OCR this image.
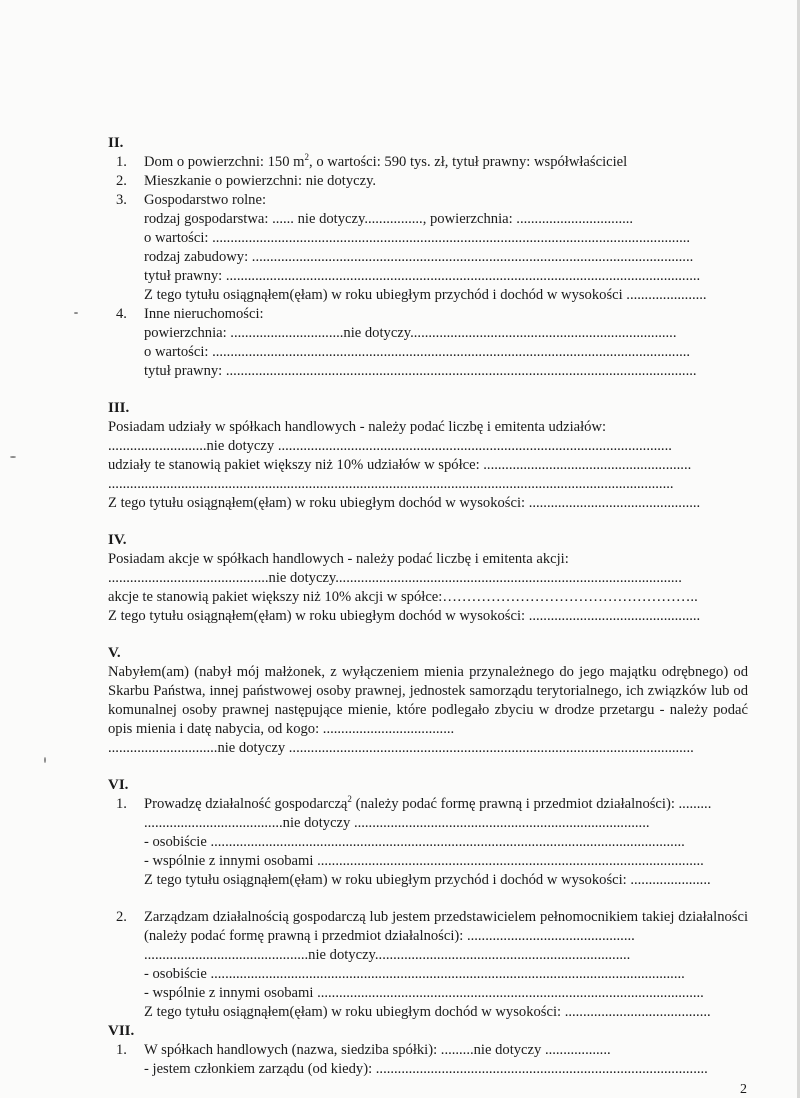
II.

1.	Dom o powierzchni: 150 $m^2$, o wartości: 590 tys. zł, tytuł prawny: współwłaściciel
2.	Mieszkanie o powierzchni: nie dotyczy.
3.	Gospodarstwo rolne:

rodzaj gospodarstwa: ...... nie dotyczy................, powierzchnia: ................................

o wartości: ...................................................................................................................................

rodzaj zabudowy: .........................................................................................................................

tytuł prawny: ..................................................................................................................................

Z tego tytułu osiągnąłem(ęłam) w roku ubiegłym przychód i dochód w wysokości ......................

4.	Inne nieruchomości:

powierzchnia: ...............................nie dotyczy.........................................................................

o wartości: ...................................................................................................................................

tytuł prawny: .................................................................................................................................

III.

Posiadam udziały w spółkach handlowych - należy podać liczbę i emitenta udziałów:

...........................nie dotyczy ............................................................................................................

udziały te stanowią pakiet większy niż 10% udziałów w spółce: .........................................................

...........................................................................................................................................................

Z tego tytułu osiągnąłem(ęłam) w roku ubiegłym dochód w wysokości: ...............................................

IV.

Posiadam akcje w spółkach handlowych - należy podać liczbę i emitenta akcji:

............................................nie dotyczy...............................................................................................

akcje te stanowią pakiet większy niż 10% akcji w spółce:……………………………………………..

Z tego tytułu osiągnąłem(ęłam) w roku ubiegłym dochód w wysokości: ...............................................

V.

Nabyłem(am) (nabył mój małżonek, z wyłączeniem mienia przynależnego do jego majątku odrębnego) od Skarbu Państwa, innej państwowej osoby prawnej, jednostek samorządu terytorialnego, ich związków lub od komunalnej osoby prawnej następujące mienie, które podlegało zbyciu w drodze przetargu - należy podać opis mienia i datę nabycia, od kogo: ....................................

..............................nie dotyczy ...............................................................................................................

VI.

1.	Prowadzę działalność gospodarczą$^2$ (należy podać formę prawną i przedmiot działalności): .........

......................................nie dotyczy .................................................................................

- osobiście ..................................................................................................................................

- wspólnie z innymi osobami ..........................................................................................................

Z tego tytułu osiągnąłem(ęłam) w roku ubiegłym przychód i dochód w wysokości: ......................

2.	Zarządzam działalnością gospodarczą lub jestem przedstawicielem pełnomocnikiem takiej działalności (należy podać formę prawną i przedmiot działalności): ..............................................

.............................................nie dotyczy......................................................................

- osobiście ..................................................................................................................................

- wspólnie z innymi osobami ..........................................................................................................

Z tego tytułu osiągnąłem(ęłam) w roku ubiegłym dochód w wysokości: ........................................

VII.

1.	W spółkach handlowych (nazwa, siedziba spółki): .........nie dotyczy ..................

- jestem członkiem zarządu (od kiedy): ...........................................................................................

2
